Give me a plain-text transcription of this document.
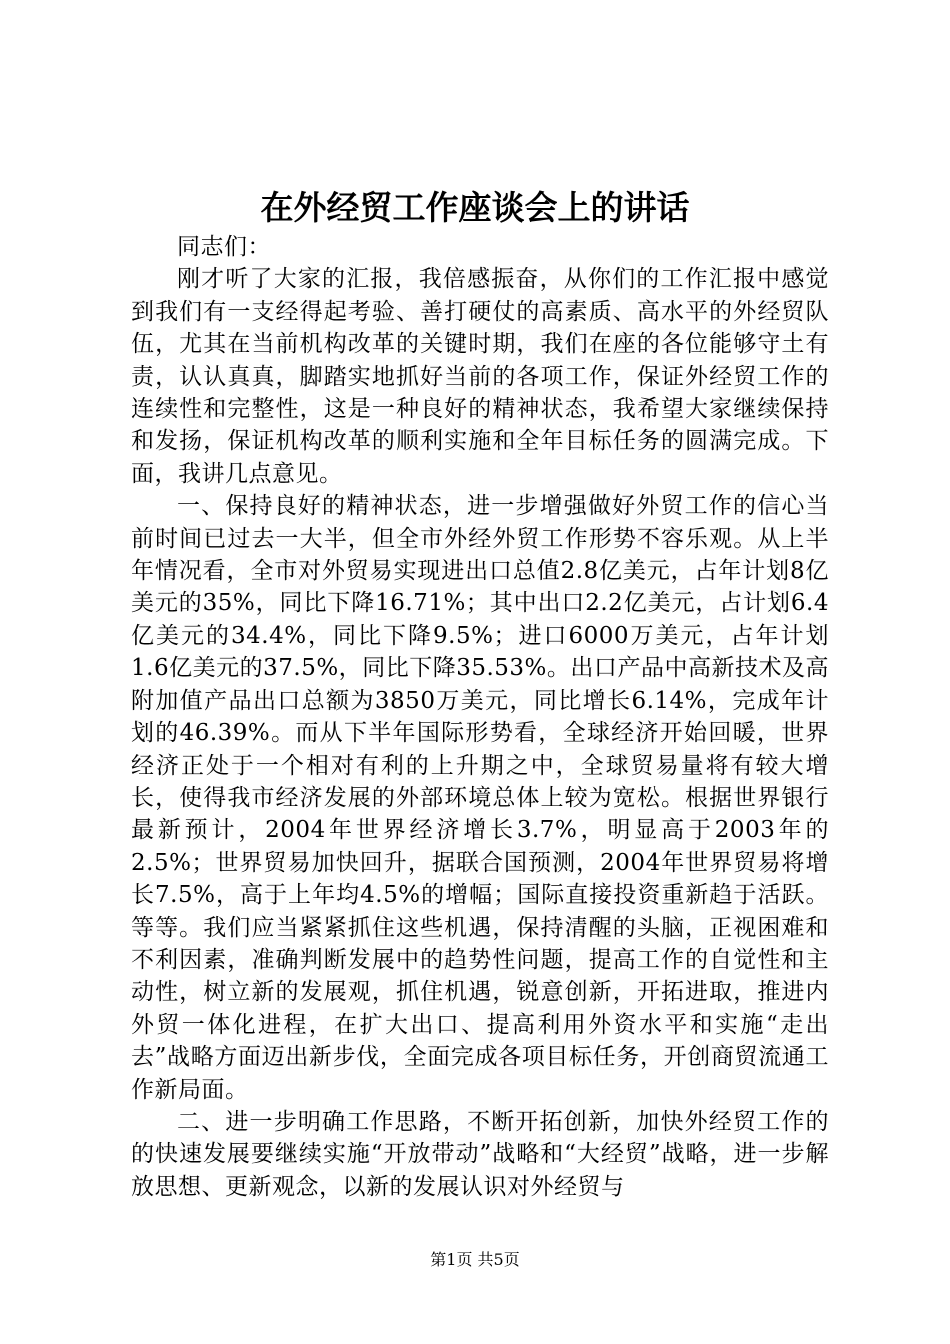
在外经贸工作座谈会上的讲话

同志们：

刚才听了大家的汇报，我倍感振奋，从你们的工作汇报中感觉到我们有一支经得起考验、善打硬仗的高素质、高水平的外经贸队伍，尤其在当前机构改革的关键时期，我们在座的各位能够守土有责，认认真真，脚踏实地抓好当前的各项工作，保证外经贸工作的连续性和完整性，这是一种良好的精神状态，我希望大家继续保持和发扬，保证机构改革的顺利实施和全年目标任务的圆满完成。下面，我讲几点意见。

一、保持良好的精神状态，进一步增强做好外贸工作的信心当前时间已过去一大半，但全市外经外贸工作形势不容乐观。从上半年情况看，全市对外贸易实现进出口总值2.8亿美元，占年计划8亿美元的35%，同比下降16.71%；其中出口2.2亿美元，占计划6.4亿美元的34.4%，同比下降9.5%；进口6000万美元，占年计划1.6亿美元的37.5%，同比下降35.53%。出口产品中高新技术及高附加值产品出口总额为3850万美元，同比增长6.14%，完成年计划的46.39%。而从下半年国际形势看，全球经济开始回暖，世界经济正处于一个相对有利的上升期之中，全球贸易量将有较大增长，使得我市经济发展的外部环境总体上较为宽松。根据世界银行最新预计，2004年世界经济增长3.7%，明显高于2003年的2.5%；世界贸易加快回升，据联合国预测，2004年世界贸易将增长7.5%，高于上年均4.5%的增幅；国际直接投资重新趋于活跃。等等。我们应当紧紧抓住这些机遇，保持清醒的头脑，正视困难和不利因素，准确判断发展中的趋势性问题，提高工作的自觉性和主动性，树立新的发展观，抓住机遇，锐意创新，开拓进取，推进内外贸一体化进程，在扩大出口、提高利用外资水平和实施“走出去”战略方面迈出新步伐，全面完成各项目标任务，开创商贸流通工作新局面。

二、进一步明确工作思路，不断开拓创新，加快外经贸工作的的快速发展要继续实施“开放带动”战略和“大经贸”战略，进一步解放思想、更新观念，以新的发展认识对外经贸与

第1页 共5页
